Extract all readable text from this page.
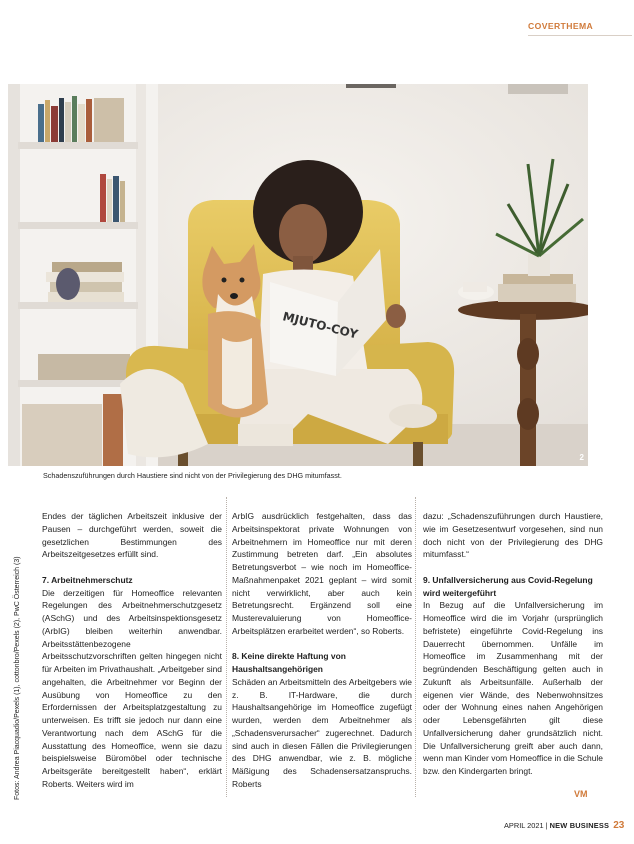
COVERTHEMA
MJUTO-COY
2
Schadenszuführungen durch Haustiere sind nicht von der Privilegierung des DHG mitumfasst.
Fotos: Andrea Piacquadio/Pexels (1), cottonbro/Pexels (2), PwC Österreich (3)

Endes der täglichen Arbeitszeit inklusive der Pausen – durchgeführt werden, soweit die gesetzlichen Bestimmungen des Arbeitszeitgesetzes erfüllt sind.

7. Arbeitnehmerschutz

Die derzeitigen für Homeoffice relevanten Regelungen des Arbeitnehmerschutzgesetz (ASchG) und des Arbeitsinspektionsgesetz (ArbIG) bleiben weiterhin anwendbar. Arbeitsstättenbezogene Arbeitsschutzvorschriften gelten hingegen nicht für Arbeiten im Privathaushalt. „Arbeitgeber sind angehalten, die Arbeitnehmer vor Beginn der Ausübung von Homeoffice zu den Erfordernissen der Arbeitsplatzgestaltung zu unterweisen. Es trifft sie jedoch nur dann eine Verantwortung nach dem ASchG für die Ausstattung des Homeoffice, wenn sie dazu beispielsweise Büromöbel oder technische Arbeitsgeräte bereitgestellt haben“, erklärt Roberts. Weiters wird im

ArbIG ausdrücklich festgehalten, dass das Arbeitsinspektorat private Wohnungen von Arbeitnehmern im Homeoffice nur mit deren Zustimmung betreten darf. „Ein absolutes Betretungsverbot – wie noch im Homeoffice-Maßnahmenpaket 2021 geplant – wird somit nicht verwirklicht, aber auch kein Betretungsrecht. Ergänzend soll eine Musterevaluierung von Homeoffice-Arbeitsplätzen erarbeitet werden“, so Roberts.

8. Keine direkte Haftung von Haushaltsangehörigen

Schäden an Arbeitsmitteln des Arbeitgebers wie z. B. IT-Hardware, die durch Haushaltsangehörige im Homeoffice zugefügt wurden, werden dem Arbeitnehmer als „Schadensverursacher“ zugerechnet. Dadurch sind auch in diesen Fällen die Privilegierungen des DHG anwendbar, wie z. B. mögliche Mäßigung des Schadensersatzanspruchs. Roberts

dazu: „Schadenszuführungen durch Haustiere, wie im Gesetzesentwurf vorgesehen, sind nun doch nicht von der Privilegierung des DHG mitumfasst.“

9. Unfallversicherung aus Covid-Regelung wird weitergeführt

In Bezug auf die Unfallversicherung im Homeoffice wird die im Vorjahr (ursprünglich befristete) eingeführte Covid-Regelung ins Dauerrecht übernommen. Unfälle im Homeoffice im Zusammenhang mit der begründenden Beschäftigung gelten auch in Zukunft als Arbeitsunfälle. Außerhalb der eigenen vier Wände, des Nebenwohnsitzes oder der Wohnung eines nahen Angehörigen oder Lebensgefährten gilt diese Unfallversicherung daher grundsätzlich nicht. Die Unfallversicherung greift aber auch dann, wenn man Kinder vom Homeoffice in die Schule bzw. den Kindergarten bringt.

VM
APRIL 2021 | NEW BUSINESS 23
